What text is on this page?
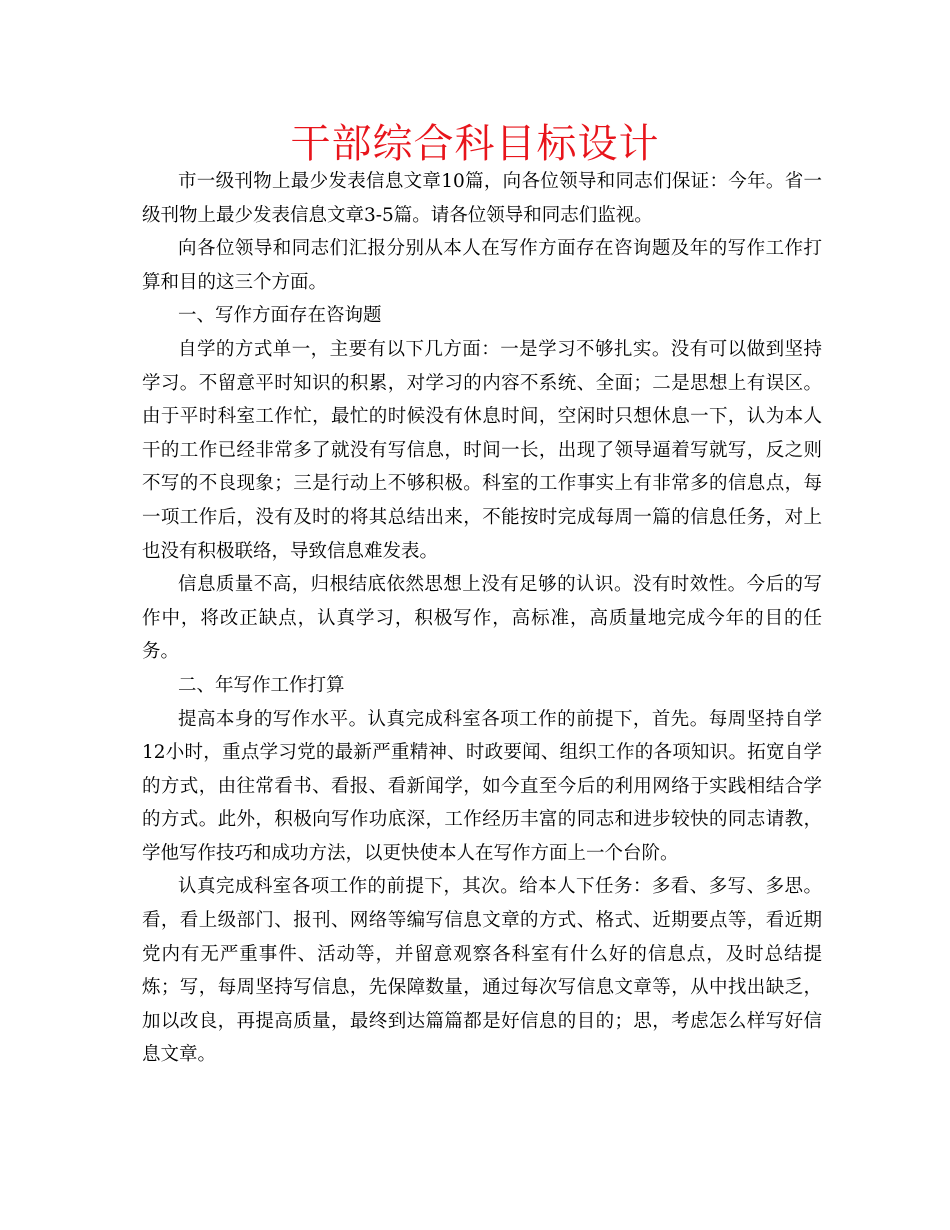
干部综合科目标设计

市一级刊物上最少发表信息文章10篇，向各位领导和同志们保证：今年。省一级刊物上最少发表信息文章3-5篇。请各位领导和同志们监视。

向各位领导和同志们汇报分别从本人在写作方面存在咨询题及年的写作工作打算和目的这三个方面。

一、写作方面存在咨询题

自学的方式单一，主要有以下几方面：一是学习不够扎实。没有可以做到坚持学习。不留意平时知识的积累，对学习的内容不系统、全面；二是思想上有误区。由于平时科室工作忙，最忙的时候没有休息时间，空闲时只想休息一下，认为本人干的工作已经非常多了就没有写信息，时间一长，出现了领导逼着写就写，反之则不写的不良现象；三是行动上不够积极。科室的工作事实上有非常多的信息点，每一项工作后，没有及时的将其总结出来，不能按时完成每周一篇的信息任务，对上也没有积极联络，导致信息难发表。

信息质量不高，归根结底依然思想上没有足够的认识。没有时效性。今后的写作中，将改正缺点，认真学习，积极写作，高标准，高质量地完成今年的目的任务。

二、年写作工作打算

提高本身的写作水平。认真完成科室各项工作的前提下，首先。每周坚持自学12小时，重点学习党的最新严重精神、时政要闻、组织工作的各项知识。拓宽自学的方式，由往常看书、看报、看新闻学，如今直至今后的利用网络于实践相结合学的方式。此外，积极向写作功底深，工作经历丰富的同志和进步较快的同志请教，学他写作技巧和成功方法，以更快使本人在写作方面上一个台阶。

认真完成科室各项工作的前提下，其次。给本人下任务：多看、多写、多思。看，看上级部门、报刊、网络等编写信息文章的方式、格式、近期要点等，看近期党内有无严重事件、活动等，并留意观察各科室有什么好的信息点，及时总结提炼；写，每周坚持写信息，先保障数量，通过每次写信息文章等，从中找出缺乏，加以改良，再提高质量，最终到达篇篇都是好信息的目的；思，考虑怎么样写好信息文章。
